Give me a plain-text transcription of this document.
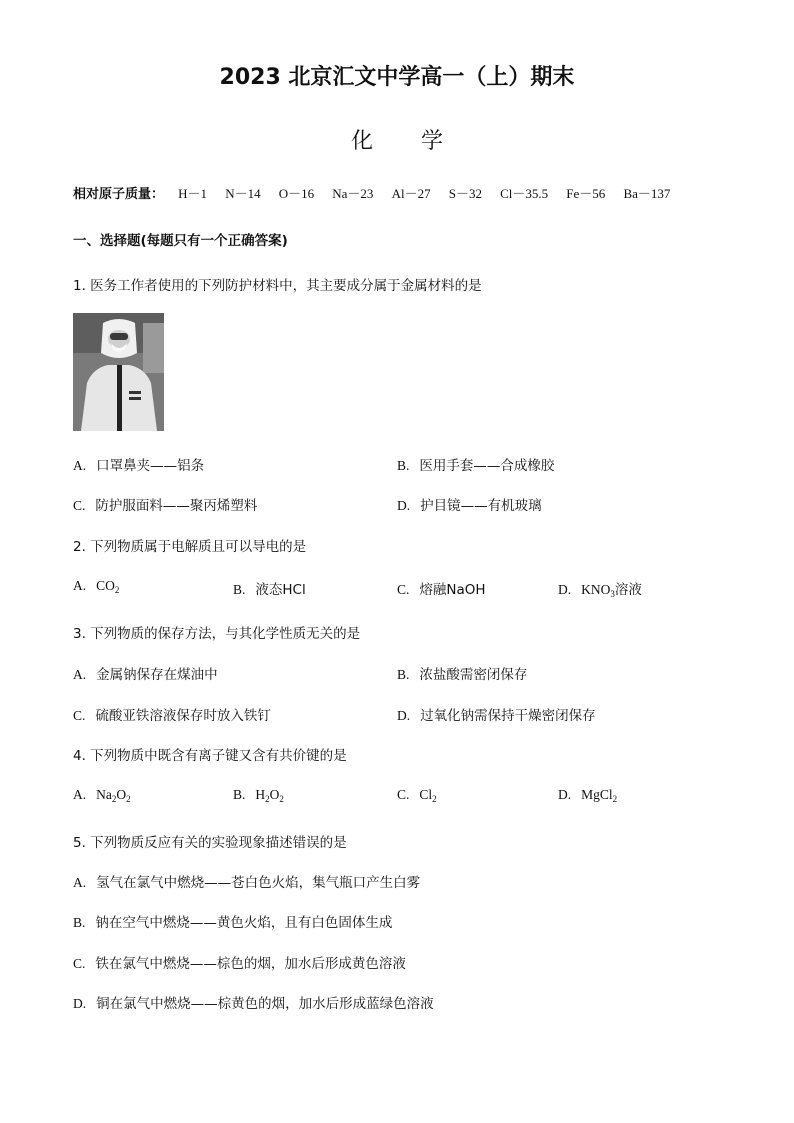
2023 北京汇文中学高一（上）期末
化学
相对原子质量： H－1 N－14 O－16 Na－23 Al－27 S－32 Cl－35.5 Fe－56 Ba－137
一、选择题(每题只有一个正确答案)
1. 医务工作者使用的下列防护材料中，其主要成分属于金属材料的是
A. 口罩鼻夹——铝条	B. 医用手套——合成橡胶
C. 防护服面料——聚丙烯塑料	D. 护目镜——有机玻璃
2. 下列物质属于电解质且可以导电的是
A. $CO_2$	B. 液态HCl	C. 熔融NaOH	D. $KNO_3$溶液
3. 下列物质的保存方法，与其化学性质无关的是
A. 金属钠保存在煤油中	B. 浓盐酸需密闭保存
C. 硫酸亚铁溶液保存时放入铁钉	D. 过氧化钠需保持干燥密闭保存
4. 下列物质中既含有离子键又含有共价键的是
A. $Na_2O_2$	B. $H_2O_2$	C. $Cl_2$	D. MgCl$_2$
5. 下列物质反应有关的实验现象描述错误的是
A. 氢气在氯气中燃烧——苍白色火焰，集气瓶口产生白雾
B. 钠在空气中燃烧——黄色火焰，且有白色固体生成
C. 铁在氯气中燃烧——棕色的烟，加水后形成黄色溶液
D. 铜在氯气中燃烧——棕黄色的烟，加水后形成蓝绿色溶液
